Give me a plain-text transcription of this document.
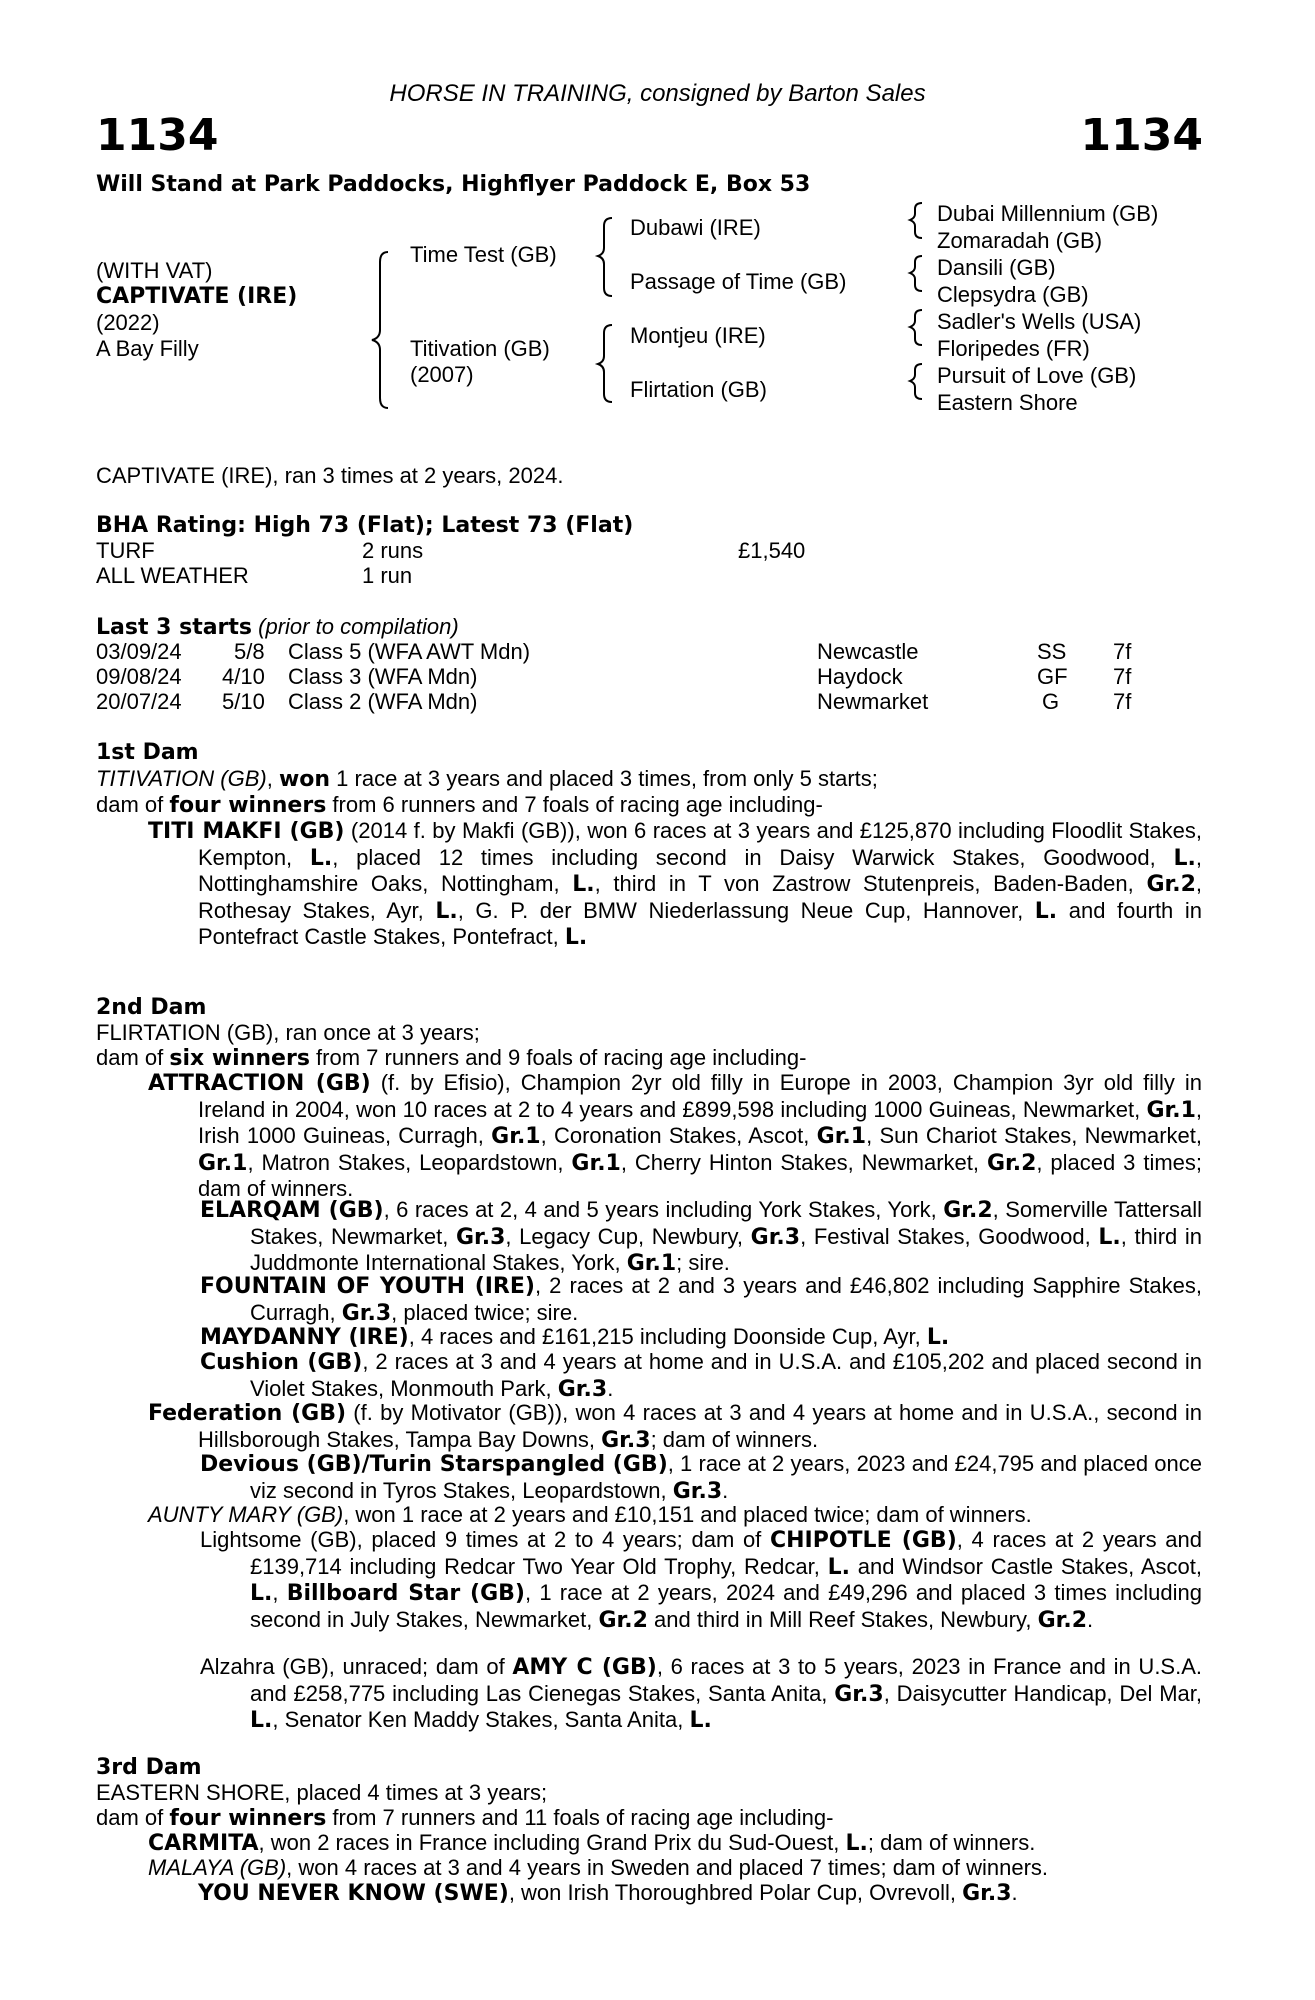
HORSE IN TRAINING, consigned by Barton Sales
1134	1134
Will Stand at Park Paddocks, Highflyer Paddock E, Box 53
(WITH VAT)
CAPTIVATE (IRE)
(2022)
A Bay Filly
Time Test (GB)
Titivation (GB)
(2007)
Dubawi (IRE)
Passage of Time (GB)
Montjeu (IRE)
Flirtation (GB)
Dubai Millennium (GB)
Zomaradah (GB)
Dansili (GB)
Clepsydra (GB)
Sadler's Wells (USA)
Floripedes (FR)
Pursuit of Love (GB)
Eastern Shore
CAPTIVATE (IRE), ran 3 times at 2 years, 2024.
BHA Rating: High 73 (Flat); Latest 73 (Flat)
TURF	2 runs	£1,540
ALL WEATHER	1 run
Last 3 starts (prior to compilation)
03/09/24 5/8 Class 5 (WFA AWT Mdn)	Newcastle	SS 7f
09/08/24 4/10 Class 3 (WFA Mdn)	Haydock	GF 7f
20/07/24 5/10 Class 2 (WFA Mdn)	Newmarket	G 7f
1st Dam
TITIVATION (GB), won 1 race at 3 years and placed 3 times, from only 5 starts;
dam of four winners from 6 runners and 7 foals of racing age including-
TITI MAKFI (GB) (2014 f. by Makfi (GB)), won 6 races at 3 years and £125,870 including Floodlit Stakes, Kempton, L., placed 12 times including second in Daisy Warwick Stakes, Goodwood, L., Nottinghamshire Oaks, Nottingham, L., third in T von Zastrow Stutenpreis, Baden-Baden, Gr.2, Rothesay Stakes, Ayr, L., G. P. der BMW Niederlassung Neue Cup, Hannover, L. and fourth in Pontefract Castle Stakes, Pontefract, L.
2nd Dam
FLIRTATION (GB), ran once at 3 years;
dam of six winners from 7 runners and 9 foals of racing age including-
ATTRACTION (GB) (f. by Efisio), Champion 2yr old filly in Europe in 2003, Champion 3yr old filly in Ireland in 2004, won 10 races at 2 to 4 years and £899,598 including 1000 Guineas, Newmarket, Gr.1, Irish 1000 Guineas, Curragh, Gr.1, Coronation Stakes, Ascot, Gr.1, Sun Chariot Stakes, Newmarket, Gr.1, Matron Stakes, Leopardstown, Gr.1, Cherry Hinton Stakes, Newmarket, Gr.2, placed 3 times; dam of winners.
ELARQAM (GB), 6 races at 2, 4 and 5 years including York Stakes, York, Gr.2, Somerville Tattersall Stakes, Newmarket, Gr.3, Legacy Cup, Newbury, Gr.3, Festival Stakes, Goodwood, L., third in Juddmonte International Stakes, York, Gr.1; sire.
FOUNTAIN OF YOUTH (IRE), 2 races at 2 and 3 years and £46,802 including Sapphire Stakes, Curragh, Gr.3, placed twice; sire.
MAYDANNY (IRE), 4 races and £161,215 including Doonside Cup, Ayr, L.
Cushion (GB), 2 races at 3 and 4 years at home and in U.S.A. and £105,202 and placed second in Violet Stakes, Monmouth Park, Gr.3.
Federation (GB) (f. by Motivator (GB)), won 4 races at 3 and 4 years at home and in U.S.A., second in Hillsborough Stakes, Tampa Bay Downs, Gr.3; dam of winners.
Devious (GB)/Turin Starspangled (GB), 1 race at 2 years, 2023 and £24,795 and placed once viz second in Tyros Stakes, Leopardstown, Gr.3.
AUNTY MARY (GB), won 1 race at 2 years and £10,151 and placed twice; dam of winners.
Lightsome (GB), placed 9 times at 2 to 4 years; dam of CHIPOTLE (GB), 4 races at 2 years and £139,714 including Redcar Two Year Old Trophy, Redcar, L. and Windsor Castle Stakes, Ascot, L., Billboard Star (GB), 1 race at 2 years, 2024 and £49,296 and placed 3 times including second in July Stakes, Newmarket, Gr.2 and third in Mill Reef Stakes, Newbury, Gr.2.
Alzahra (GB), unraced; dam of AMY C (GB), 6 races at 3 to 5 years, 2023 in France and in U.S.A. and £258,775 including Las Cienegas Stakes, Santa Anita, Gr.3, Daisycutter Handicap, Del Mar, L., Senator Ken Maddy Stakes, Santa Anita, L.
3rd Dam
EASTERN SHORE, placed 4 times at 3 years;
dam of four winners from 7 runners and 11 foals of racing age including-
CARMITA, won 2 races in France including Grand Prix du Sud-Ouest, L.; dam of winners.
MALAYA (GB), won 4 races at 3 and 4 years in Sweden and placed 7 times; dam of winners.
YOU NEVER KNOW (SWE), won Irish Thoroughbred Polar Cup, Ovrevoll, Gr.3.
